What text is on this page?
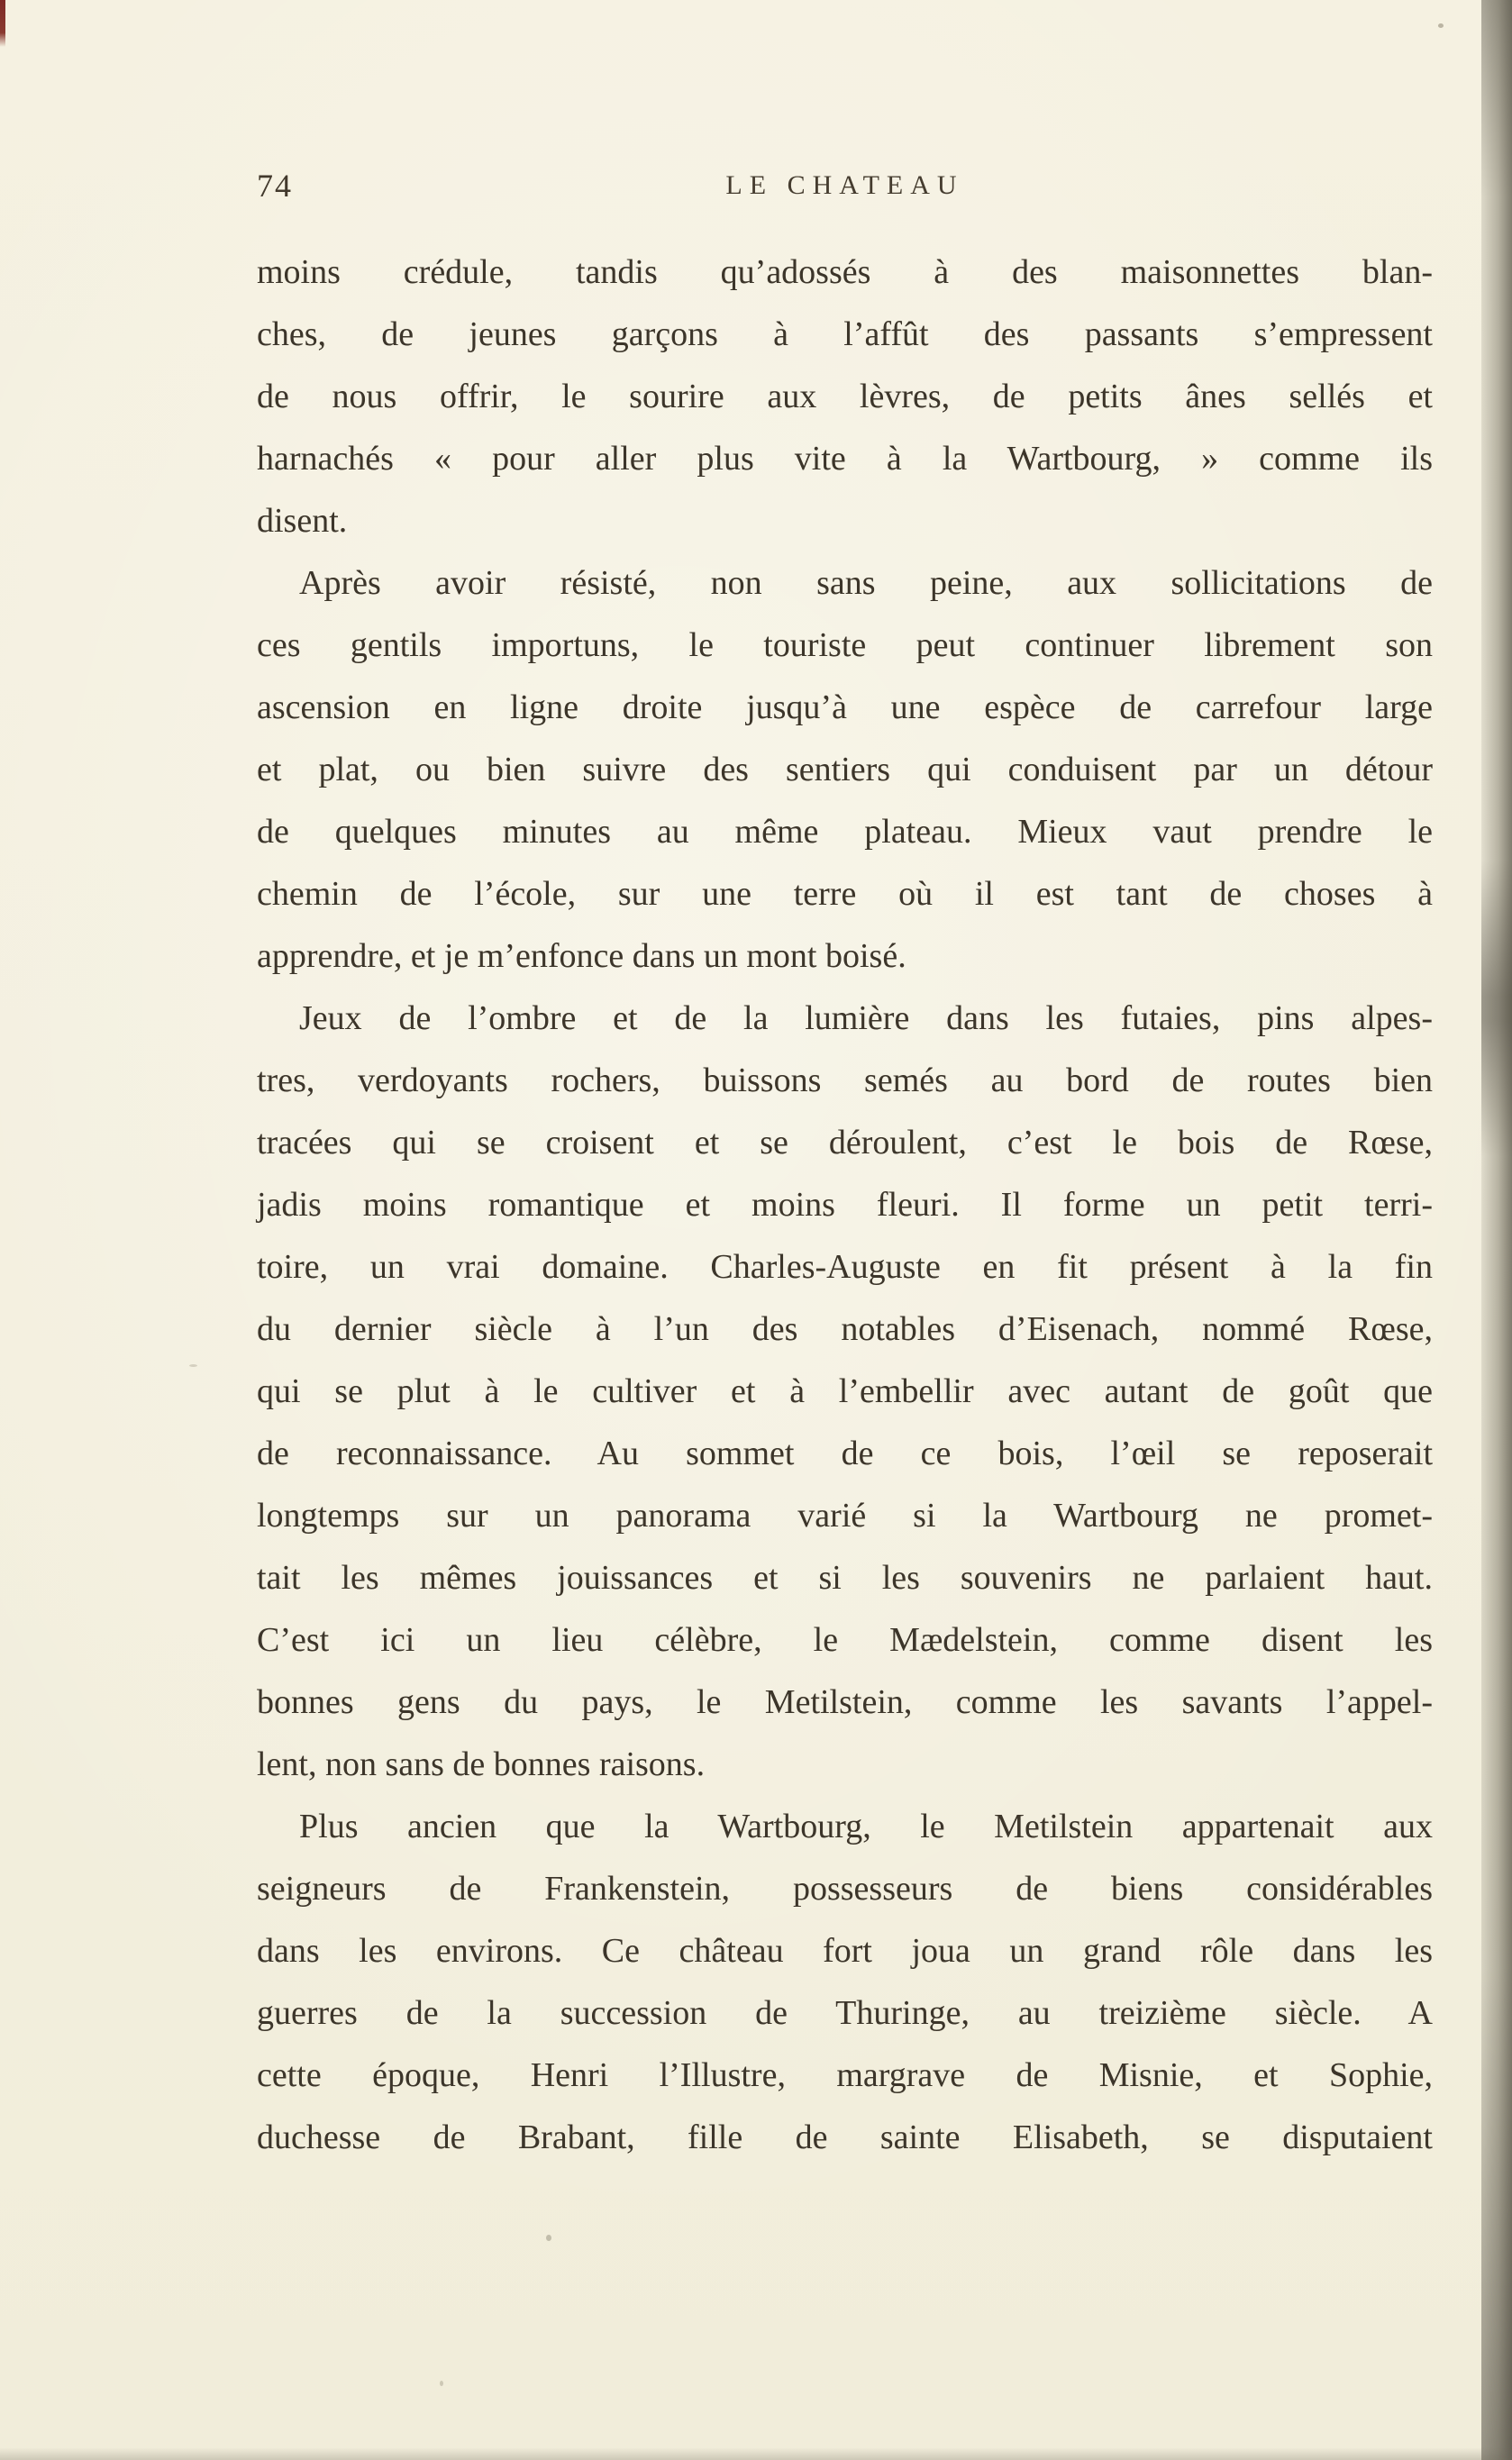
74	LE CHATEAU
moins crédule, tandis qu’adossés à des maisonnettes blan-
ches, de jeunes garçons à l’affût des passants s’empressent
de nous offrir, le sourire aux lèvres, de petits ânes sellés et
harnachés « pour aller plus vite à la Wartbourg, » comme ils
disent.
Après avoir résisté, non sans peine, aux sollicitations de
ces gentils importuns, le touriste peut continuer librement son
ascension en ligne droite jusqu’à une espèce de carrefour large
et plat, ou bien suivre des sentiers qui conduisent par un détour
de quelques minutes au même plateau. Mieux vaut prendre le
chemin de l’école, sur une terre où il est tant de choses à
apprendre, et je m’enfonce dans un mont boisé.
Jeux de l’ombre et de la lumière dans les futaies, pins alpes-
tres, verdoyants rochers, buissons semés au bord de routes bien
tracées qui se croisent et se déroulent, c’est le bois de Rœse,
jadis moins romantique et moins fleuri. Il forme un petit terri-
toire, un vrai domaine. Charles-Auguste en fit présent à la fin
du dernier siècle à l’un des notables d’Eisenach, nommé Rœse,
qui se plut à le cultiver et à l’embellir avec autant de goût que
de reconnaissance. Au sommet de ce bois, l’œil se reposerait
longtemps sur un panorama varié si la Wartbourg ne promet-
tait les mêmes jouissances et si les souvenirs ne parlaient haut.
C’est ici un lieu célèbre, le Mædelstein, comme disent les
bonnes gens du pays, le Metilstein, comme les savants l’appel-
lent, non sans de bonnes raisons.
Plus ancien que la Wartbourg, le Metilstein appartenait aux
seigneurs de Frankenstein, possesseurs de biens considérables
dans les environs. Ce château fort joua un grand rôle dans les
guerres de la succession de Thuringe, au treizième siècle. A
cette époque, Henri l’Illustre, margrave de Misnie, et Sophie,
duchesse de Brabant, fille de sainte Elisabeth, se disputaient
